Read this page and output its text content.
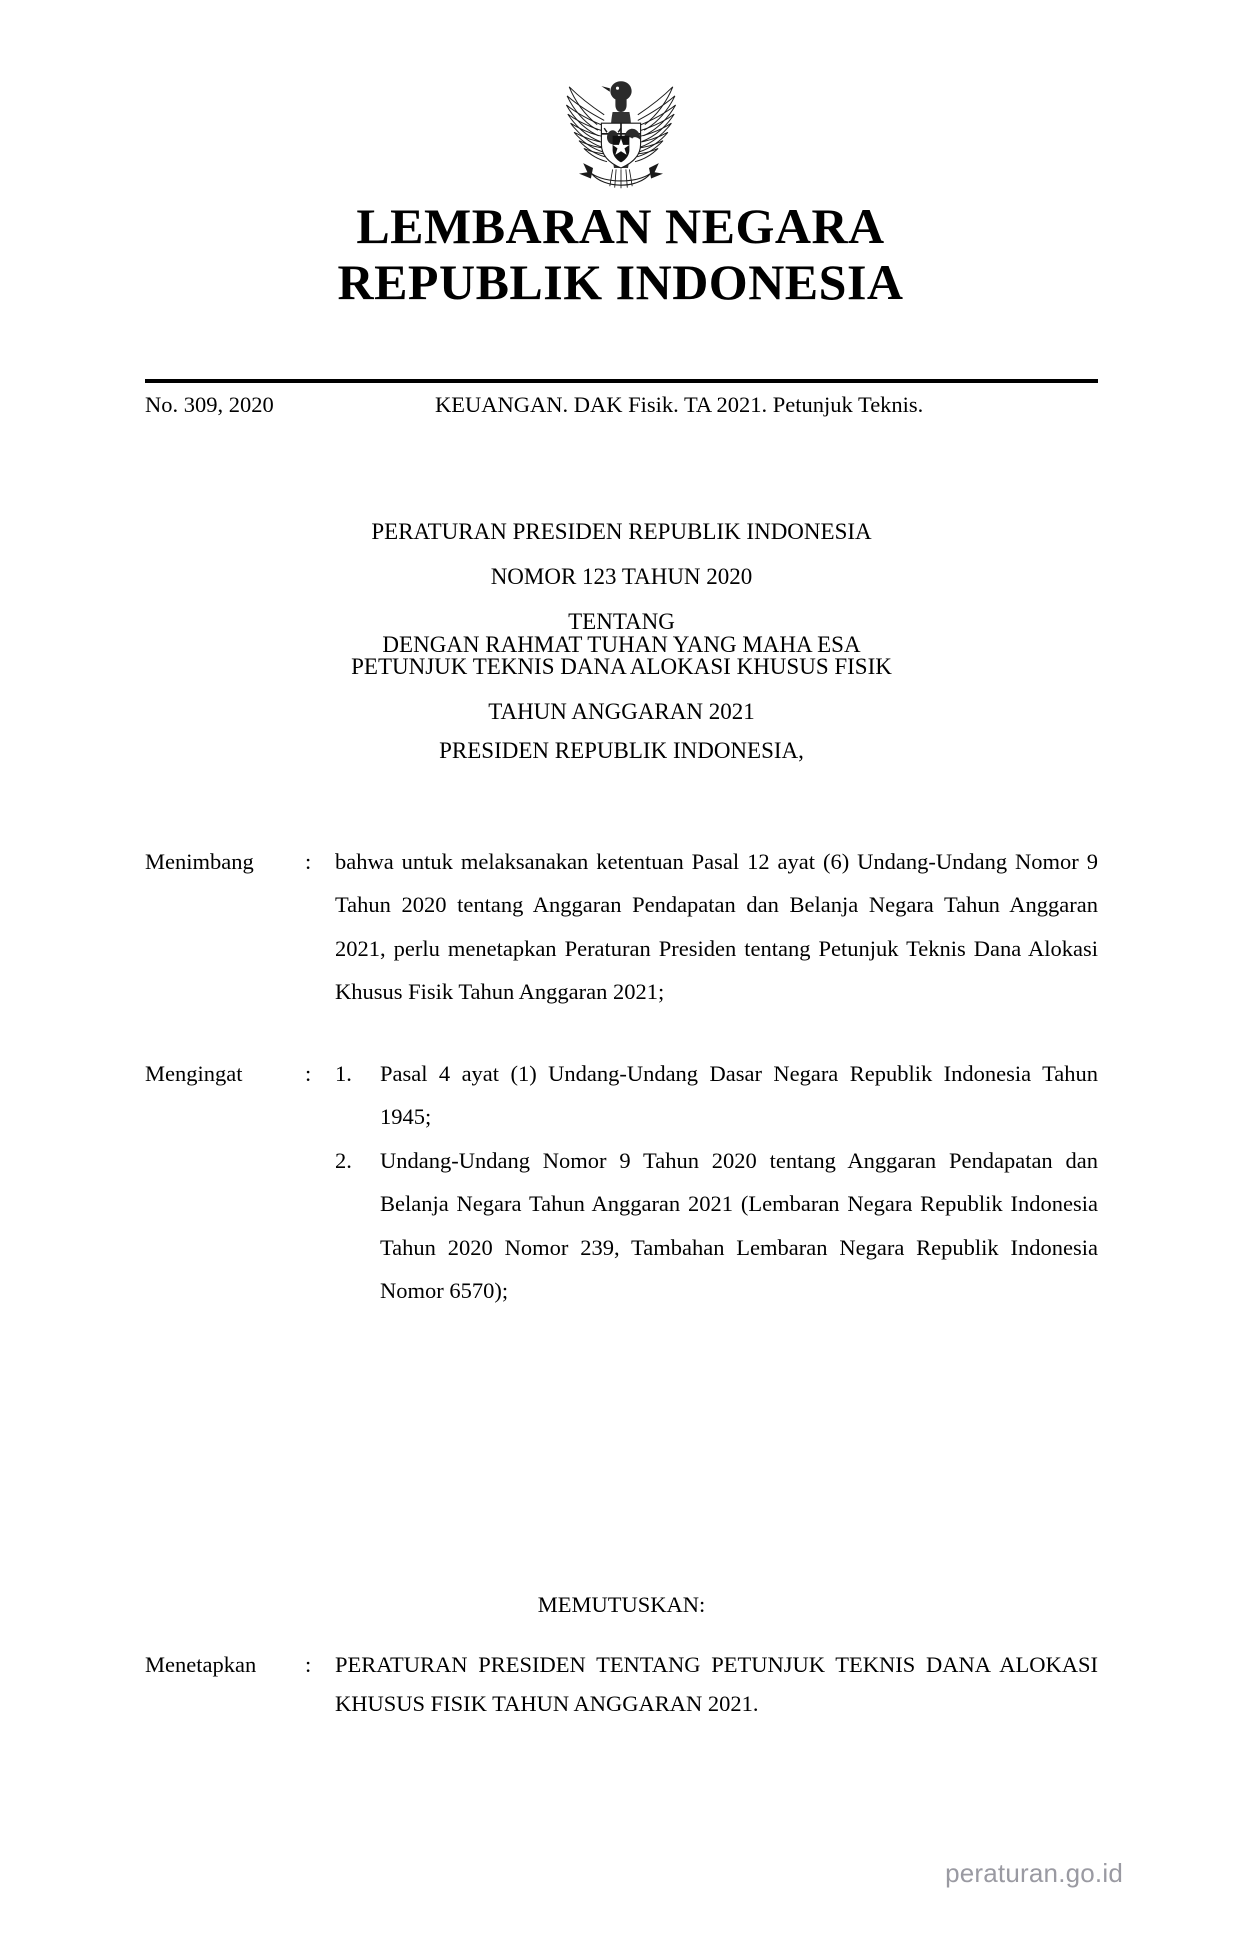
LEMBARAN NEGARA
REPUBLIK INDONESIA
No. 309, 2020	KEUANGAN. DAK Fisik. TA 2021. Petunjuk Teknis.
PERATURAN PRESIDEN REPUBLIK INDONESIA
NOMOR 123 TAHUN 2020
TENTANG
PETUNJUK TEKNIS DANA ALOKASI KHUSUS FISIK
TAHUN ANGGARAN 2021
DENGAN RAHMAT TUHAN YANG MAHA ESA
PRESIDEN REPUBLIK INDONESIA,
Menimbang	:	bahwa untuk melaksanakan ketentuan Pasal 12 ayat (6) Undang-Undang Nomor 9 Tahun 2020 tentang Anggaran Pendapatan dan Belanja Negara Tahun Anggaran 2021, perlu menetapkan Peraturan Presiden tentang Petunjuk Teknis Dana Alokasi Khusus Fisik Tahun Anggaran 2021;
Mengingat	:	1.	Pasal 4 ayat (1) Undang-Undang Dasar Negara Republik Indonesia Tahun 1945;
2.	Undang-Undang Nomor 9 Tahun 2020 tentang Anggaran Pendapatan dan Belanja Negara Tahun Anggaran 2021 (Lembaran Negara Republik Indonesia Tahun 2020 Nomor 239, Tambahan Lembaran Negara Republik Indonesia Nomor 6570);
MEMUTUSKAN:
Menetapkan	:	PERATURAN PRESIDEN TENTANG PETUNJUK TEKNIS DANA ALOKASI KHUSUS FISIK TAHUN ANGGARAN 2021.
peraturan.go.id
